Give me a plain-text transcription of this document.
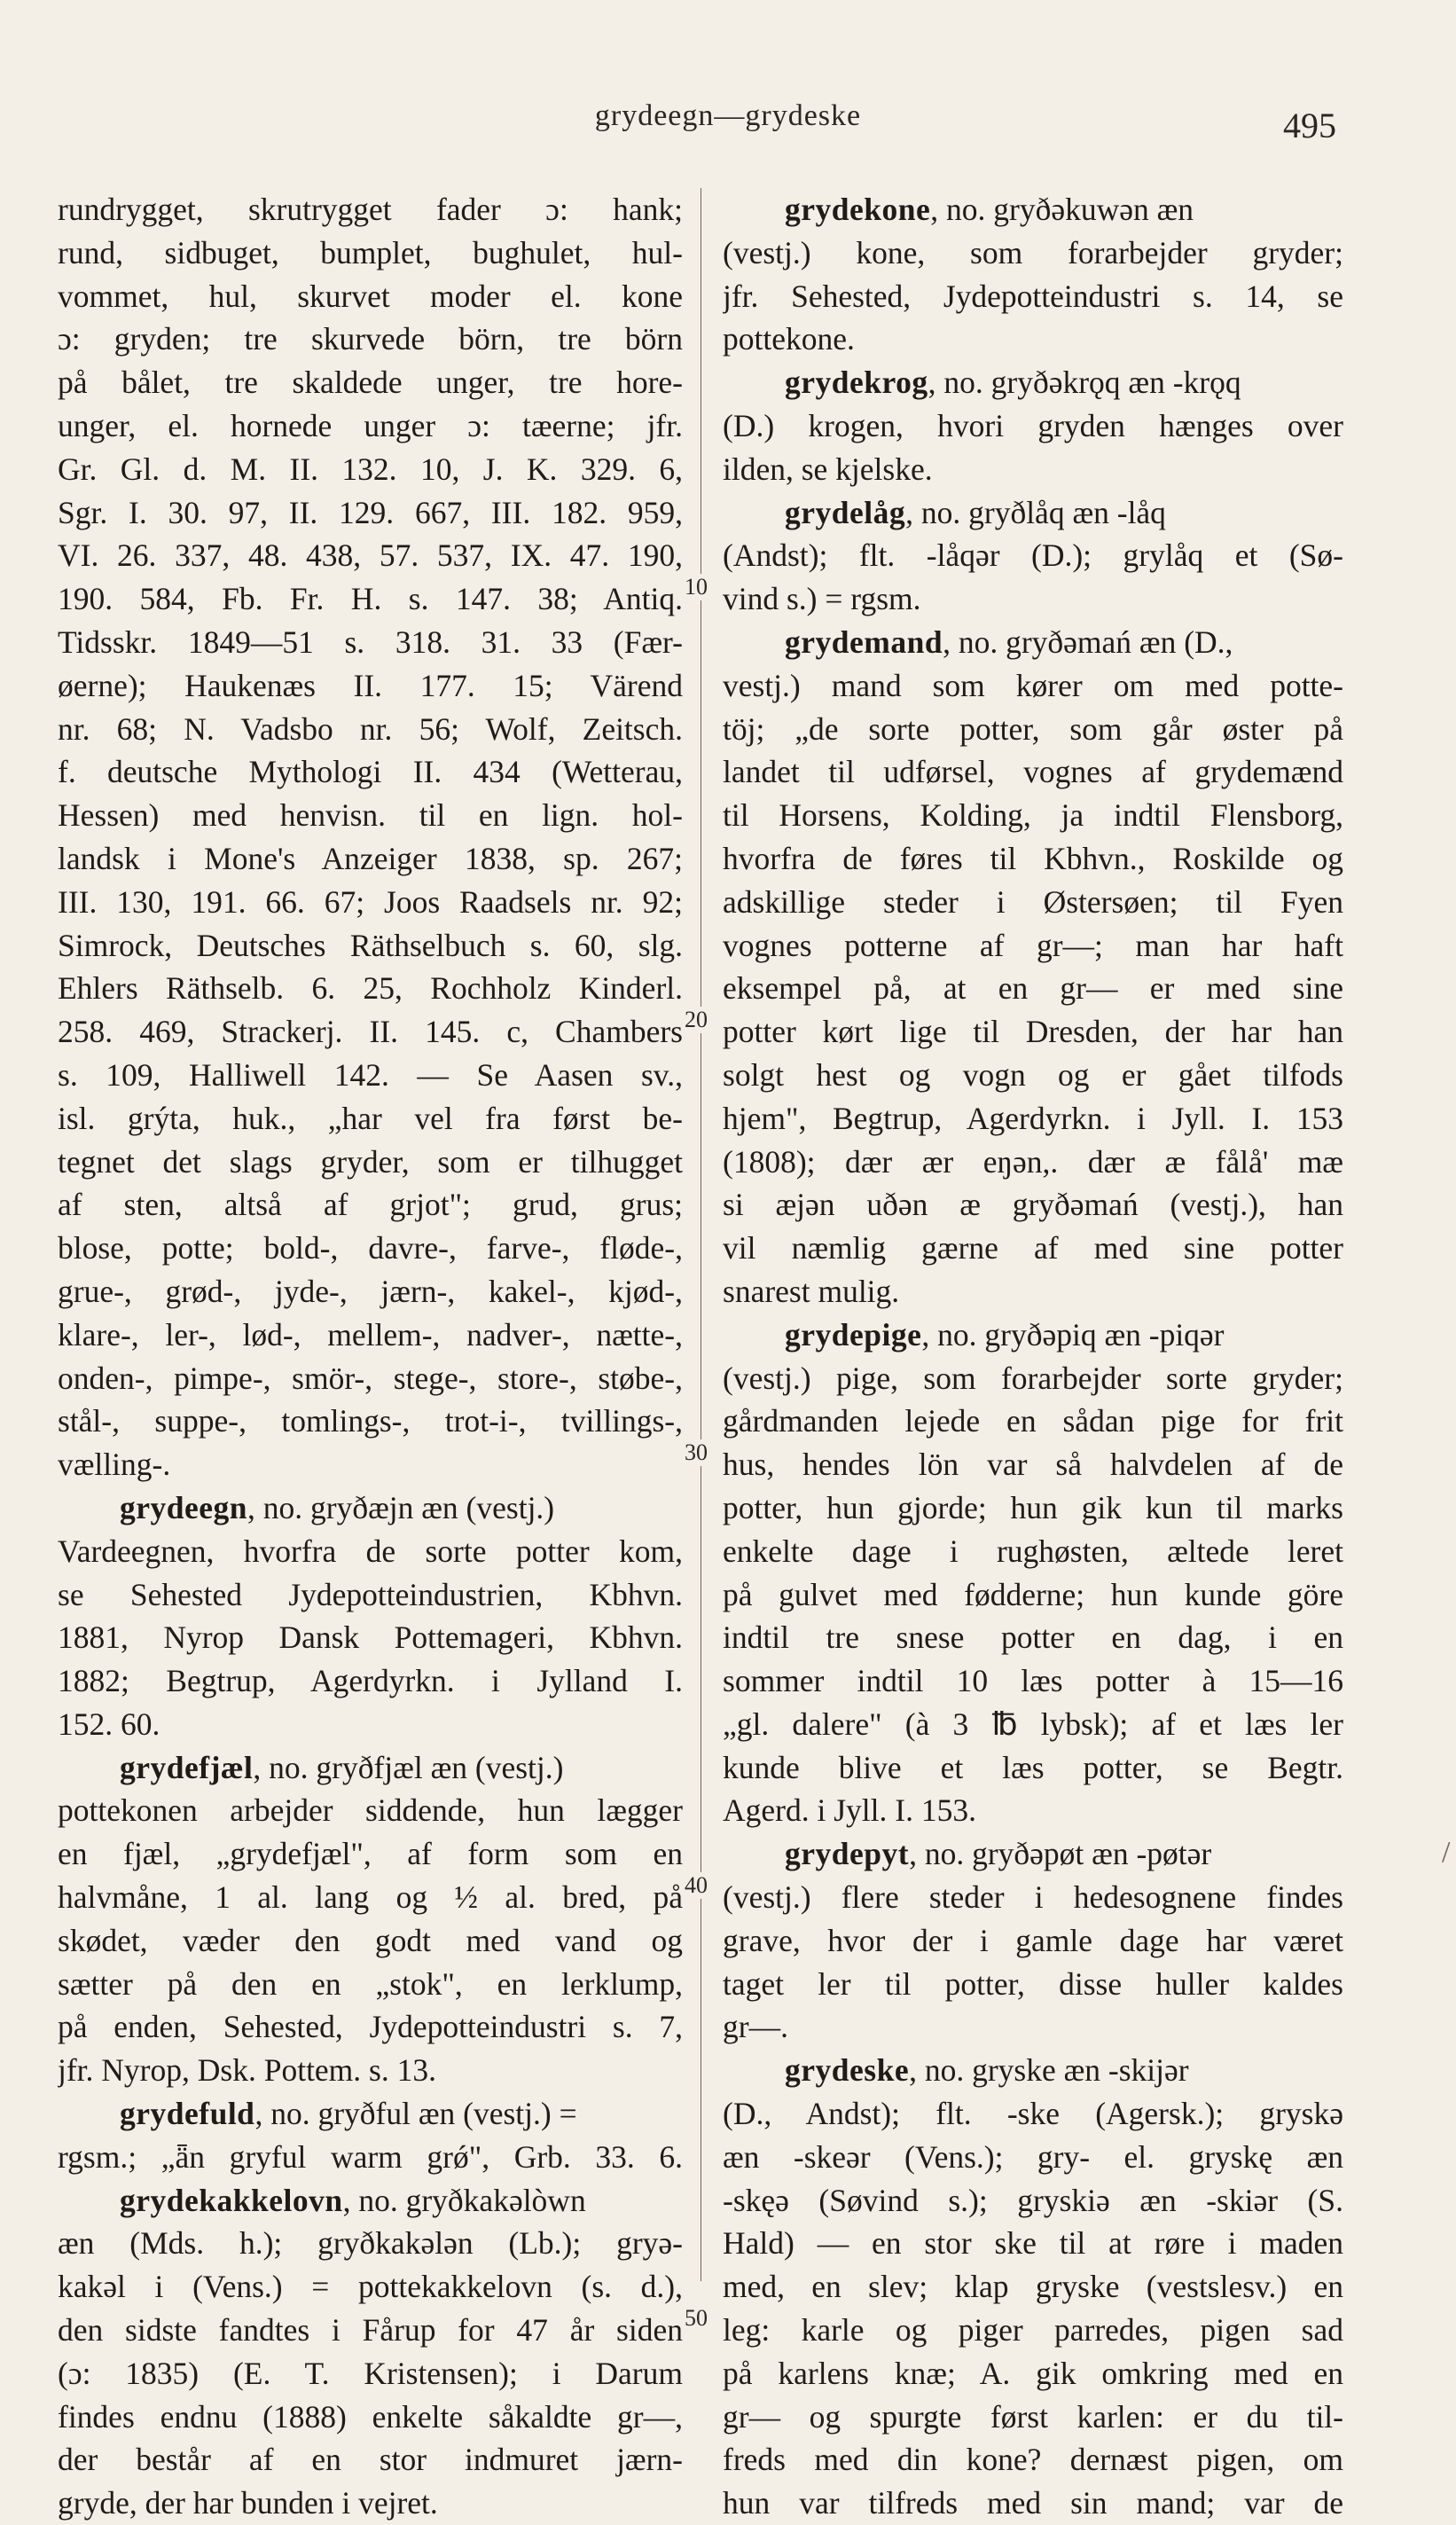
grydeegn—grydeske	495
10
20
30
40
50
/
rundrygget, skrutrygget fader ɔ: hank;
rund, sidbuget, bumplet, bughulet, hul-
vommet, hul, skurvet moder el. kone
ɔ: gryden; tre skurvede börn, tre börn
på bålet, tre skaldede unger, tre hore-
unger, el. hornede unger ɔ: tæerne; jfr.
Gr. Gl. d. M. II. 132. 10, J. K. 329. 6,
Sgr. I. 30. 97, II. 129. 667, III. 182. 959,
VI. 26. 337, 48. 438, 57. 537, IX. 47. 190,
190. 584, Fb. Fr. H. s. 147. 38; Antiq.
Tidsskr. 1849—51 s. 318. 31. 33 (Fær-
øerne); Haukenæs II. 177. 15; Värend
nr. 68; N. Vadsbo nr. 56; Wolf, Zeitsch.
f. deutsche Mythologi II. 434 (Wetterau,
Hessen) med henvisn. til en lign. hol-
landsk i Mone's Anzeiger 1838, sp. 267;
III. 130, 191. 66. 67; Joos Raadsels nr. 92;
Simrock, Deutsches Räthselbuch s. 60, slg.
Ehlers Räthselb. 6. 25, Rochholz Kinderl.
258. 469, Strackerj. II. 145. c, Chambers
s. 109, Halliwell 142. — Se Aasen sv.,
isl. grýta, huk., „har vel fra først be-
tegnet det slags gryder, som er tilhugget
af sten, altså af grjot"; grud, grus;
blose, potte; bold-, davre-, farve-, fløde-,
grue-, grød-, jyde-, jærn-, kakel-, kjød-,
klare-, ler-, lød-, mellem-, nadver-, nætte-,
onden-, pimpe-, smör-, stege-, store-, støbe-,
stål-, suppe-, tomlings-, trot-i-, tvillings-,
vælling-.
grydeegn, no. gryðæjn æn (vestj.)
Vardeegnen, hvorfra de sorte potter kom,
se Sehested Jydepotteindustrien, Kbhvn.
1881, Nyrop Dansk Pottemageri, Kbhvn.
1882; Begtrup, Agerdyrkn. i Jylland I.
152. 60.
grydefjæl, no. gryðfjæl æn (vestj.)
pottekonen arbejder siddende, hun lægger
en fjæl, „grydefjæl", af form som en
halvmåne, 1 al. lang og ½ al. bred, på
skødet, væder den godt med vand og
sætter på den en „stok", en lerklump,
på enden, Sehested, Jydepotteindustri s. 7,
jfr. Nyrop, Dsk. Pottem. s. 13.
grydefuld, no. gryðful æn (vestj.) =
rgsm.; „ǟn gryful warm grǿ", Grb. 33. 6.
grydekakkelovn, no. gryðkakəlòwn
æn (Mds. h.); gryðkakəlǝn (Lb.); gryə-
kakəl i (Vens.) = pottekakkelovn (s. d.),
den sidste fandtes i Fårup for 47 år siden
(ɔ: 1835) (E. T. Kristensen); i Darum
findes endnu (1888) enkelte såkaldte gr—,
der består af en stor indmuret jærn-
gryde, der har bunden i vejret.
grydekone, no. gryðəkuwən æn
(vestj.) kone, som forarbejder gryder;
jfr. Sehested, Jydepotteindustri s. 14, se
pottekone.
grydekrog, no. gryðəkrǫq æn -krǫq
(D.) krogen, hvori gryden hænges over
ilden, se kjelske.
grydelåg, no. gryðlåq æn -låq
(Andst); flt. -låqər (D.); grylåq et (Sø-
vind s.) = rgsm.
grydemand, no. gryðəmań æn (D.,
vestj.) mand som kører om med potte-
töj; „de sorte potter, som går øster på
landet til udførsel, vognes af grydemænd
til Horsens, Kolding, ja indtil Flensborg,
hvorfra de føres til Kbhvn., Roskilde og
adskillige steder i Østersøen; til Fyen
vognes potterne af gr—; man har haft
eksempel på, at en gr— er med sine
potter kørt lige til Dresden, der har han
solgt hest og vogn og er gået tilfods
hjem", Begtrup, Agerdyrkn. i Jyll. I. 153
(1808); dær ær eŋən,. dær æ fålå' mæ
si æjən uðən æ gryðəmań (vestj.), han
vil næmlig gærne af med sine potter
snarest mulig.
grydepige, no. gryðəpiq æn -piqər
(vestj.) pige, som forarbejder sorte gryder;
gårdmanden lejede en sådan pige for frit
hus, hendes lön var så halvdelen af de
potter, hun gjorde; hun gik kun til marks
enkelte dage i rughøsten, æltede leret
på gulvet med fødderne; hun kunde göre
indtil tre snese potter en dag, i en
sommer indtil 10 læs potter à 15—16
„gl. dalere" (à 3 ℔ lybsk); af et læs ler
kunde blive et læs potter, se Begtr.
Agerd. i Jyll. I. 153.
grydepyt, no. gryðəpøt æn -pøtər
(vestj.) flere steder i hedesognene findes
grave, hvor der i gamle dage har været
taget ler til potter, disse huller kaldes
gr—.
grydeske, no. gryske æn -skijər
(D., Andst); flt. -ske (Agersk.); gryskə
æn -skeər (Vens.); gry- el. gryskę æn
-skęə (Søvind s.); gryskiə æn -skiər (S.
Hald) — en stor ske til at røre i maden
med, en slev; klap gryske (vestslesv.) en
leg: karle og piger parredes, pigen sad
på karlens knæ; A. gik omkring med en
gr— og spurgte først karlen: er du til-
freds med din kone? dernæst pigen, om
hun var tilfreds med sin mand; var de
